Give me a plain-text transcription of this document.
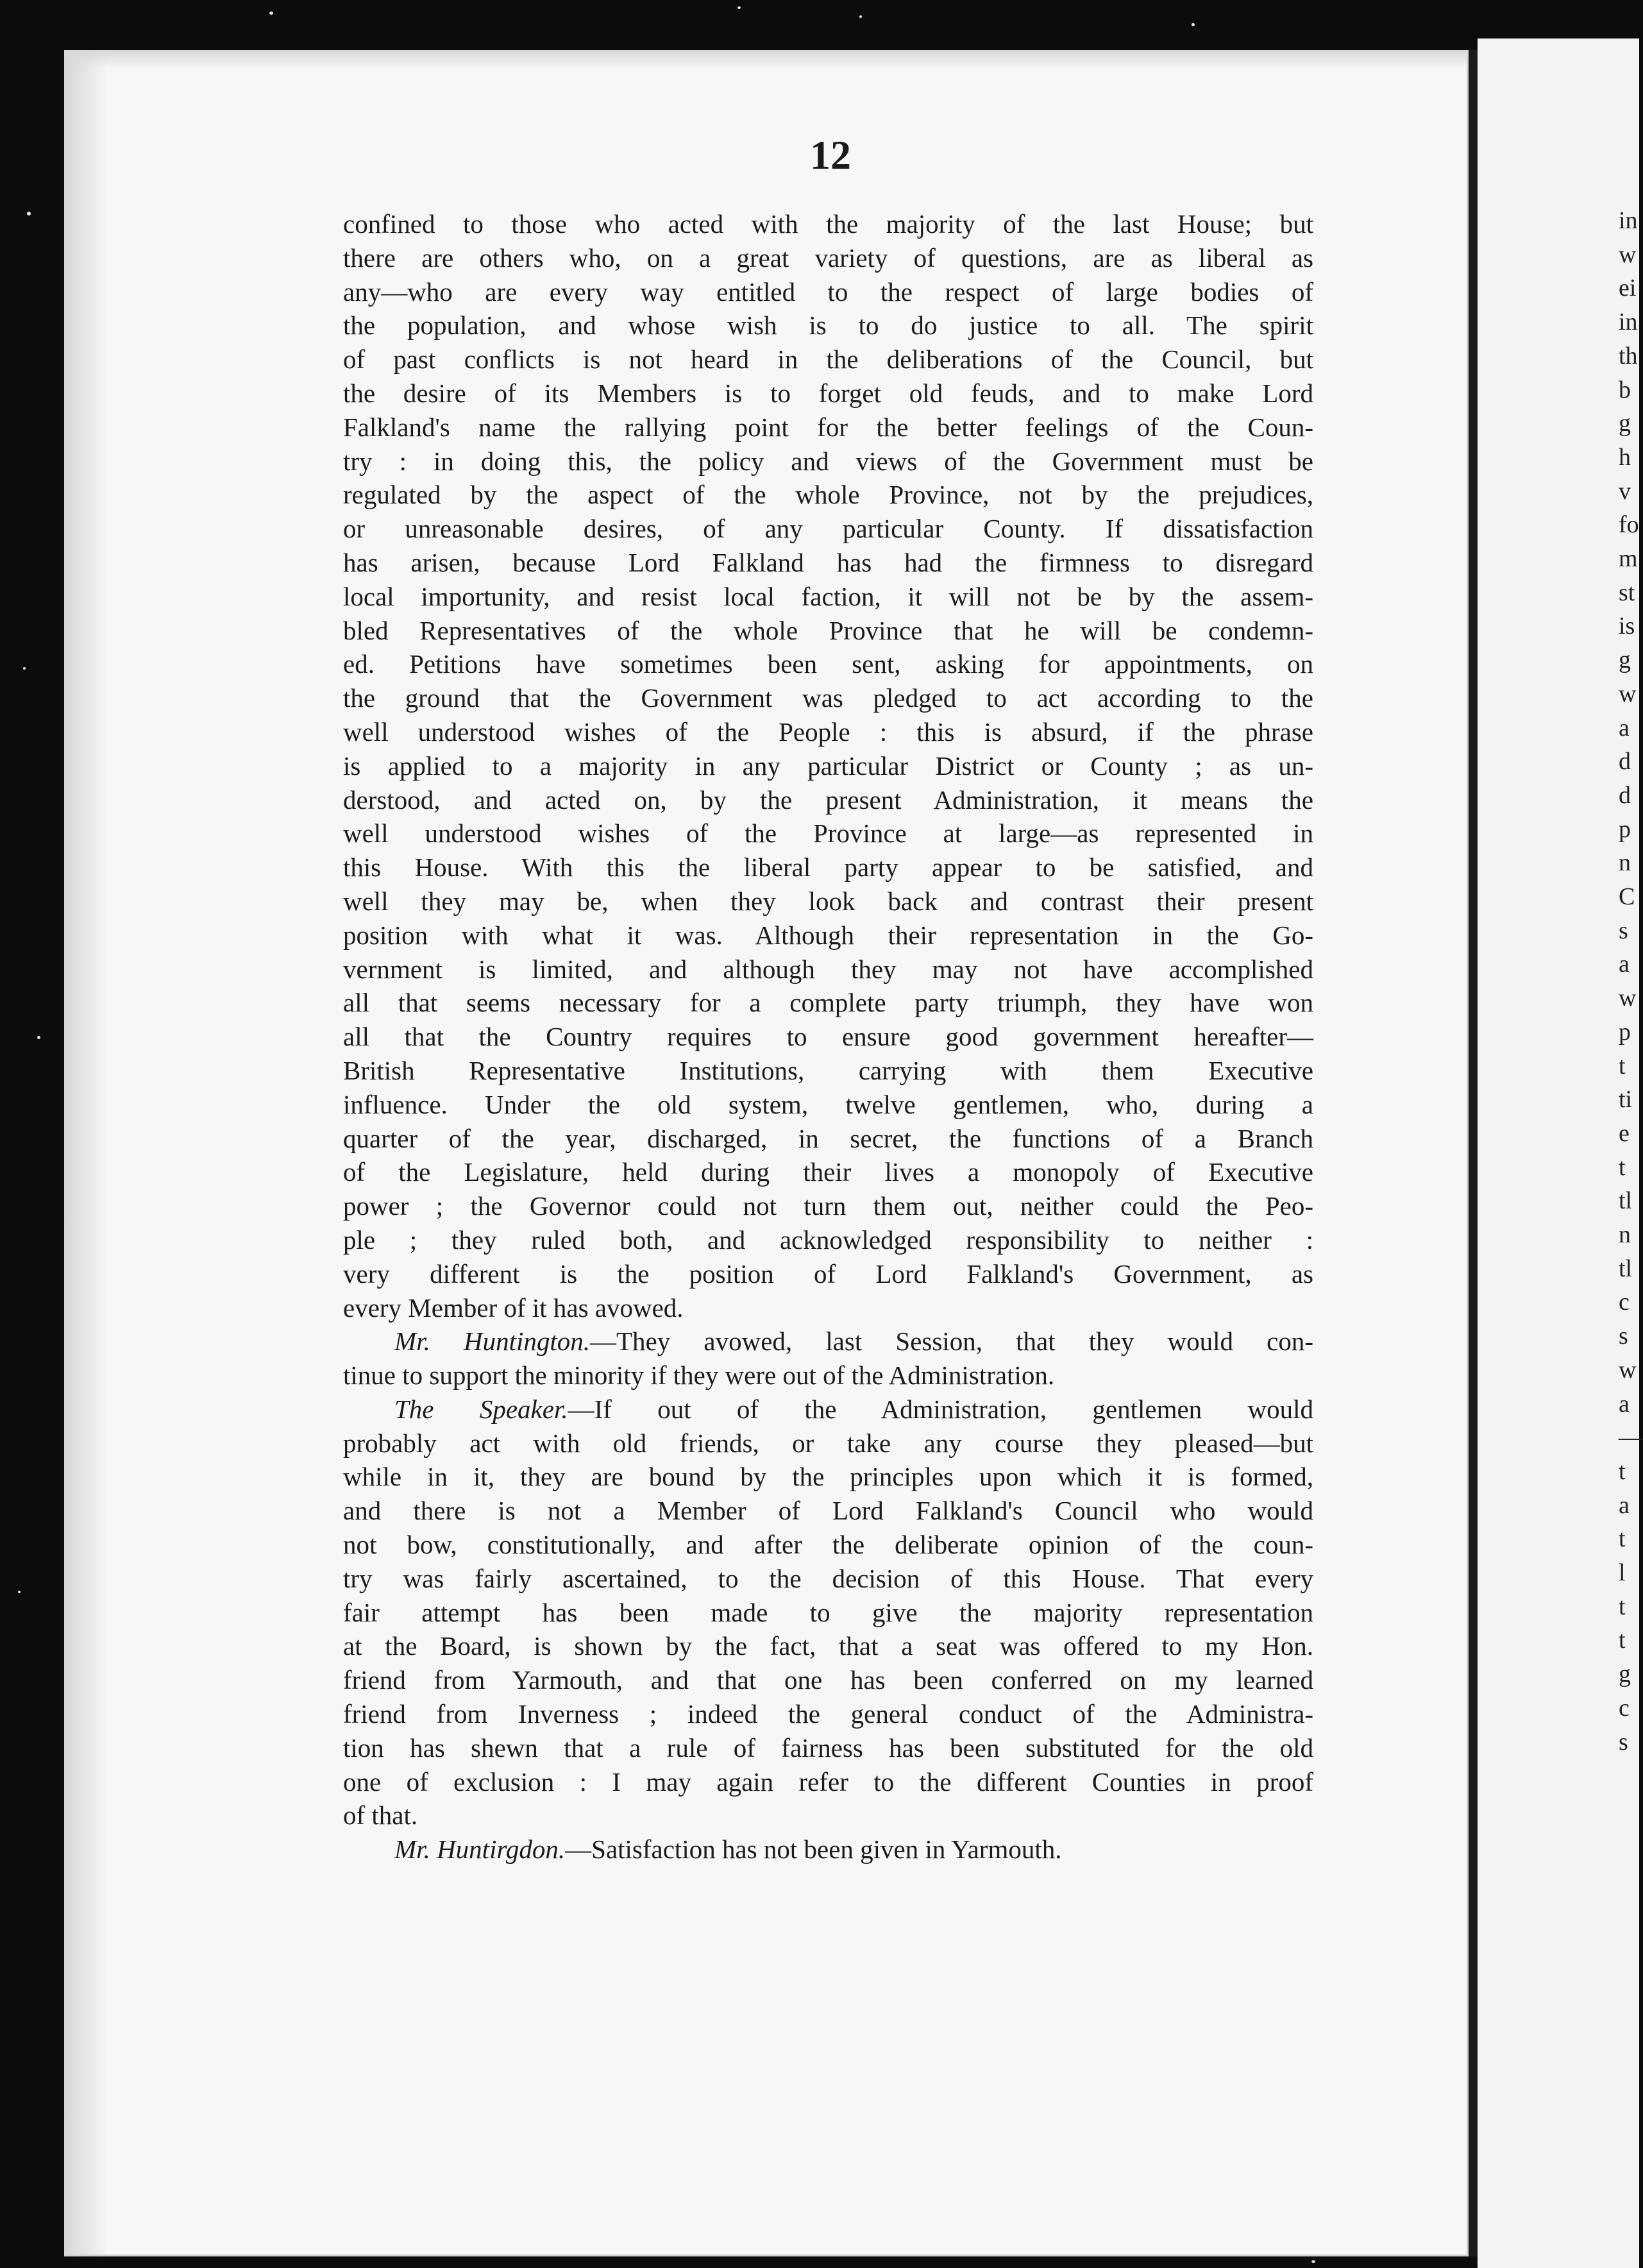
in
w
ei
in
th
b
g
h
v
fo
m
st
is
g
w
a
d
d
p
n
C
s
a
w
p
t
ti
e
t
tl
n
tl
c
s
w
a
—
t
a
t
l
t
t
g
c
s
12
confined to those who acted with the majority of the last House; but
there are others who, on a great variety of questions, are as liberal as
any—who are every way entitled to the respect of large bodies of
the population, and whose wish is to do justice to all. The spirit
of past conflicts is not heard in the deliberations of the Council, but
the desire of its Members is to forget old feuds, and to make Lord
Falkland's name the rallying point for the better feelings of the Coun-
try : in doing this, the policy and views of the Government must be
regulated by the aspect of the whole Province, not by the prejudices,
or unreasonable desires, of any particular County. If dissatisfaction
has arisen, because Lord Falkland has had the firmness to disregard
local importunity, and resist local faction, it will not be by the assem-
bled Representatives of the whole Province that he will be condemn-
ed. Petitions have sometimes been sent, asking for appointments, on
the ground that the Government was pledged to act according to the
well understood wishes of the People : this is absurd, if the phrase
is applied to a majority in any particular District or County ; as un-
derstood, and acted on, by the present Administration, it means the
well understood wishes of the Province at large—as represented in
this House. With this the liberal party appear to be satisfied, and
well they may be, when they look back and contrast their present
position with what it was. Although their representation in the Go-
vernment is limited, and although they may not have accomplished
all that seems necessary for a complete party triumph, they have won
all that the Country requires to ensure good government hereafter—
British Representative Institutions, carrying with them Executive
influence. Under the old system, twelve gentlemen, who, during a
quarter of the year, discharged, in secret, the functions of a Branch
of the Legislature, held during their lives a monopoly of Executive
power ; the Governor could not turn them out, neither could the Peo-
ple ; they ruled both, and acknowledged responsibility to neither :
very different is the position of Lord Falkland's Government, as
every Member of it has avowed.
Mr. Huntington.—They avowed, last Session, that they would con-
tinue to support the minority if they were out of the Administration.
The Speaker.—If out of the Administration, gentlemen would
probably act with old friends, or take any course they pleased—but
while in it, they are bound by the principles upon which it is formed,
and there is not a Member of Lord Falkland's Council who would
not bow, constitutionally, and after the deliberate opinion of the coun-
try was fairly ascertained, to the decision of this House. That every
fair attempt has been made to give the majority representation
at the Board, is shown by the fact, that a seat was offered to my Hon.
friend from Yarmouth, and that one has been conferred on my learned
friend from Inverness ; indeed the general conduct of the Administra-
tion has shewn that a rule of fairness has been substituted for the old
one of exclusion : I may again refer to the different Counties in proof
of that.
Mr. Huntirgdon.—Satisfaction has not been given in Yarmouth.
